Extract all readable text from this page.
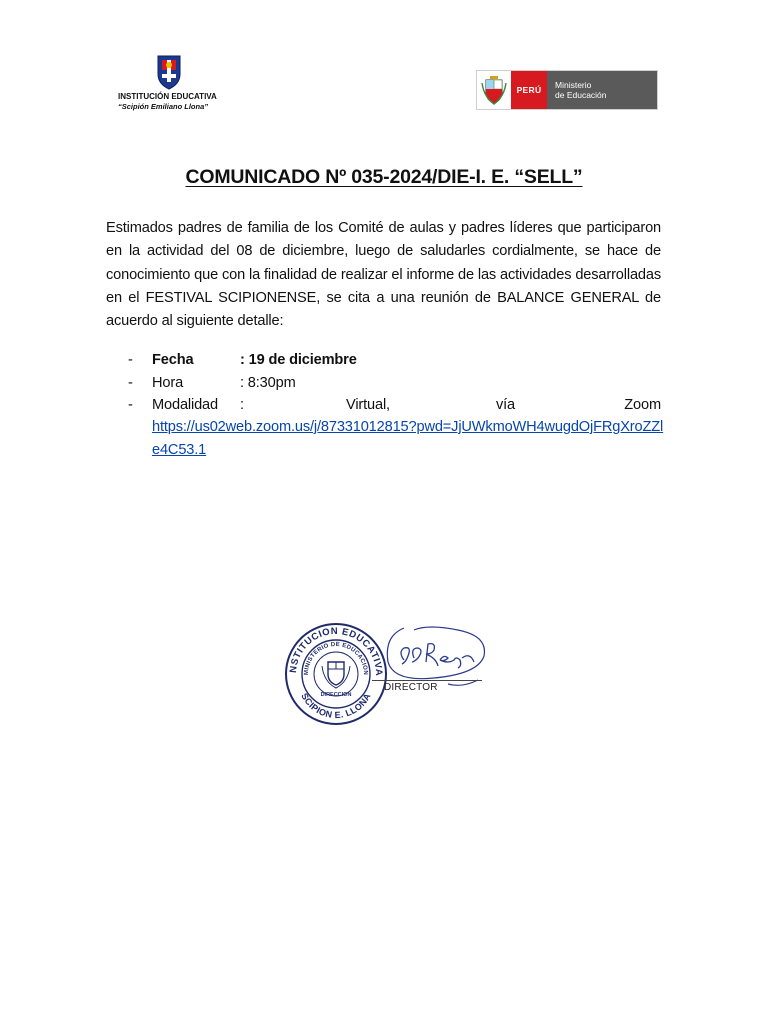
INSTITUCIÓN EDUCATIVA
“Scipión Emiliano Llona”
PERÚ	Ministerio
de Educación
COMUNICADO Nº 035-2024/DIE-I. E. “SELL”
Estimados padres de familia de los Comité de aulas y padres líderes que participaron en la actividad del 08 de diciembre, luego de saludarles cordialmente, se hace de conocimiento que con la finalidad de realizar el informe de las actividades desarrolladas en el FESTIVAL SCIPIONENSE, se cita a una reunión de BALANCE GENERAL de acuerdo al siguiente detalle:
- Fecha	: 19 de diciembre
- Hora	: 8:30pm
- Modalidad :	Virtual,	vía	Zoom
https://us02web.zoom.us/j/87331012815?pwd=JjUWkmoWH4wugdOjFRgXroZZle4C53.1
NSTITUCION EDUCATIVA
MINISTERIO DE EDUCACION
SCIPION E. LLONA
DIRECCION
DIRECTOR
